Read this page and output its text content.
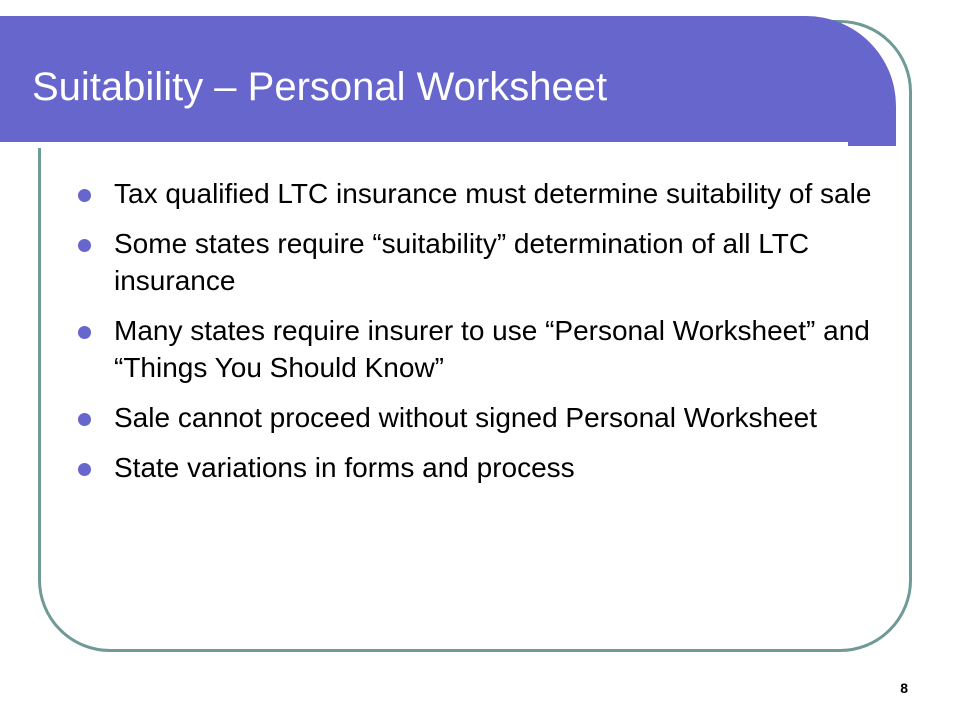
Suitability – Personal Worksheet
Tax qualified LTC insurance must determine suitability of sale
Some states require “suitability” determination of all LTC insurance
Many states require insurer to use “Personal Worksheet” and “Things You Should Know”
Sale cannot proceed without signed Personal Worksheet
State variations in forms and process
8
